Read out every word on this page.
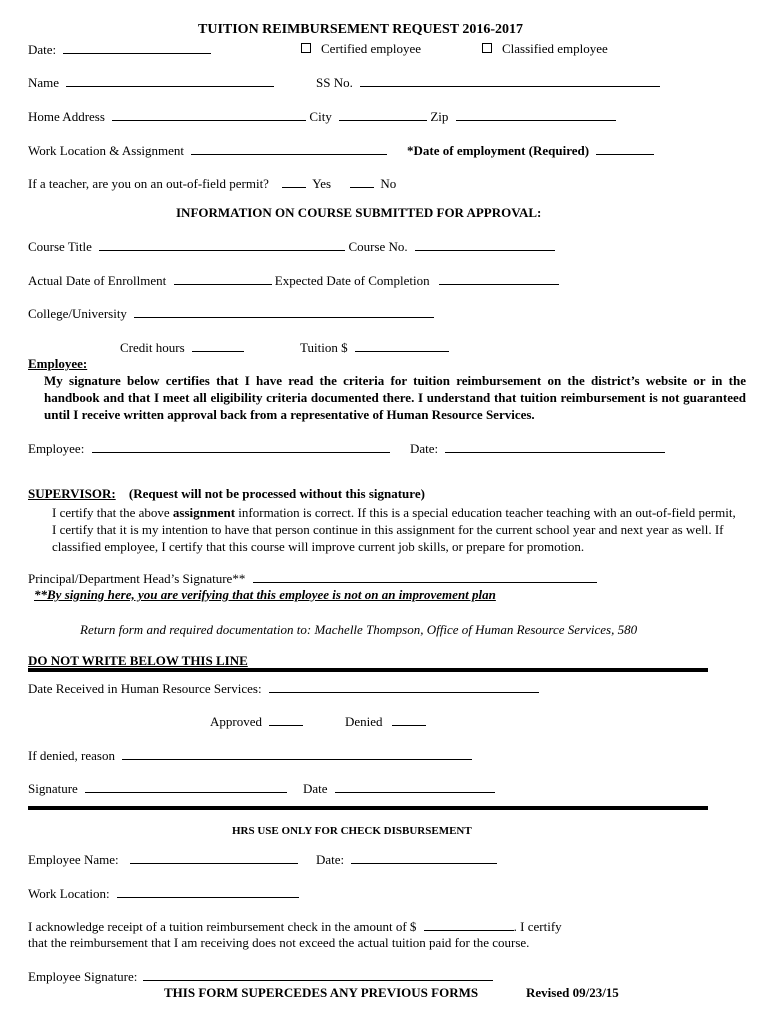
TUITION REIMBURSEMENT REQUEST 2016-2017
Date:	Certified employee	Classified employee
Name	SS No.
Home Address	City	Zip
Work Location & Assignment	*Date of employment (Required)
If a teacher, are you on an out-of-field permit?	Yes	No
INFORMATION ON COURSE SUBMITTED FOR APPROVAL:
Course Title	Course No.
Actual Date of Enrollment	Expected Date of Completion
College/University
Credit hours	Tuition $
Employee:
My signature below certifies that I have read the criteria for tuition reimbursement on the district’s website or in the handbook and that I meet all eligibility criteria documented there. I understand that tuition reimbursement is not guaranteed until I receive written approval back from a representative of Human Resource Services.
Employee:	Date:
SUPERVISOR: (Request will not be processed without this signature)
I certify that the above assignment information is correct. If this is a special education teacher teaching with an out-of-field permit, I certify that it is my intention to have that person continue in this assignment for the current school year and next year as well. If classified employee, I certify that this course will improve current job skills, or prepare for promotion.
Principal/Department Head’s Signature**
**By signing here, you are verifying that this employee is not on an improvement plan
Return form and required documentation to: Machelle Thompson, Office of Human Resource Services, 580
DO NOT WRITE BELOW THIS LINE
Date Received in Human Resource Services:
Approved	Denied
If denied, reason
Signature	Date
HRS USE ONLY FOR CHECK DISBURSEMENT
Employee Name:	Date:
Work Location:
I acknowledge receipt of a tuition reimbursement check in the amount of $	. I certify
that the reimbursement that I am receiving does not exceed the actual tuition paid for the course.
Employee Signature:
THIS FORM SUPERCEDES ANY PREVIOUS FORMS	Revised 09/23/15
